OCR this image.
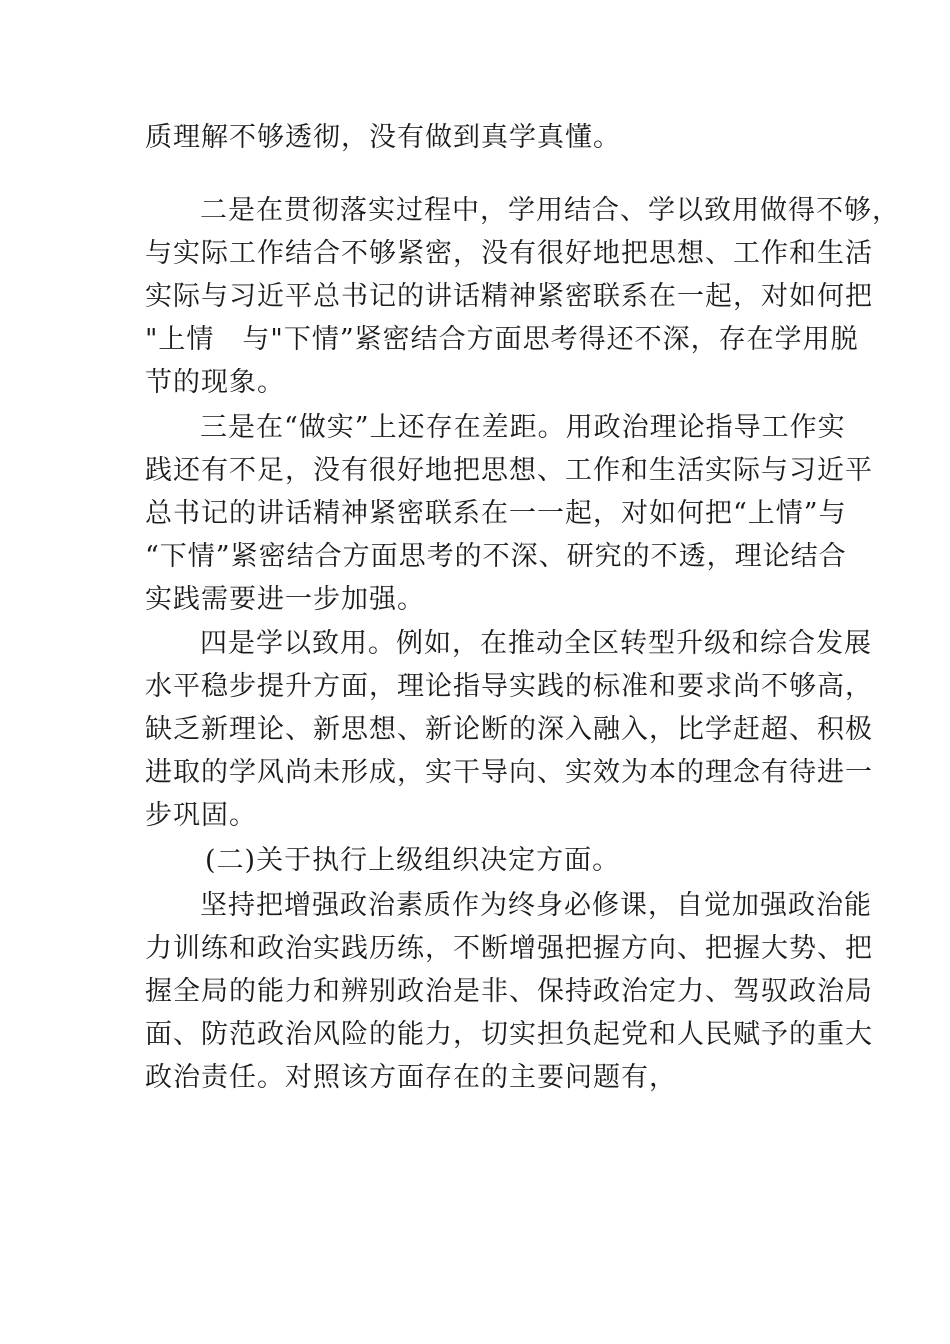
质理解不够透彻，没有做到真学真懂。
二是在贯彻落实过程中，学用结合、学以致用做得不够，
与实际工作结合不够紧密，没有很好地把思想、工作和生活
实际与习近平总书记的讲话精神紧密联系在一起，对如何把
"上情　与"下情”紧密结合方面思考得还不深，存在学用脱
节的现象。
三是在“做实”上还存在差距。用政治理论指导工作实
践还有不足，没有很好地把思想、工作和生活实际与习近平
总书记的讲话精神紧密联系在一一起，对如何把“上情”与
“下情”紧密结合方面思考的不深、研究的不透，理论结合
实践需要进一步加强。
四是学以致用。例如，在推动全区转型升级和综合发展
水平稳步提升方面，理论指导实践的标准和要求尚不够高，
缺乏新理论、新思想、新论断的深入融入，比学赶超、积极
进取的学风尚未形成，实干导向、实效为本的理念有待进一
步巩固。
(二)关于执行上级组织决定方面。
坚持把增强政治素质作为终身必修课，自觉加强政治能
力训练和政治实践历练，不断增强把握方向、把握大势、把
握全局的能力和辨别政治是非、保持政治定力、驾驭政治局
面、防范政治风险的能力，切实担负起党和人民赋予的重大
政治责任。对照该方面存在的主要问题有，
